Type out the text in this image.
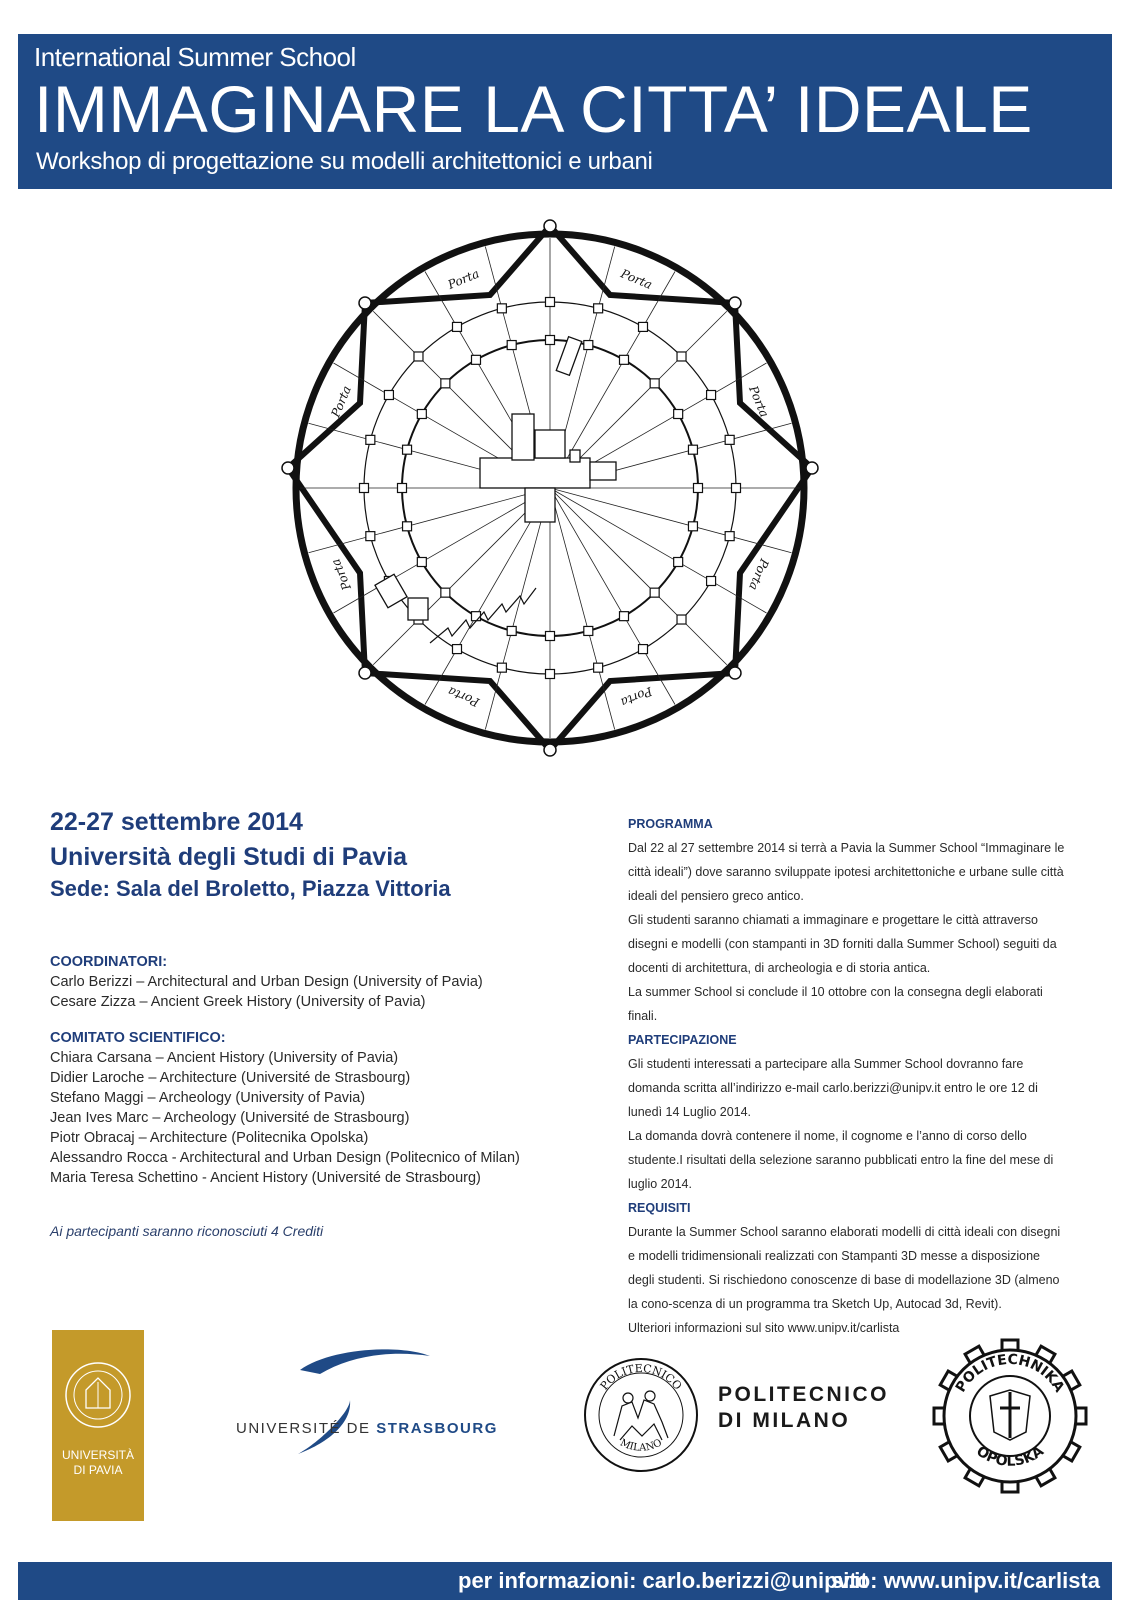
International Summer School
IMMAGINARE LA CITTA’ IDEALE
Workshop di progettazione su modelli architettonici e urbani
Porta
Porta
Porta
Porta
Porta
Porta
Porta
Porta
22-27 settembre 2014
Università degli Studi di Pavia
Sede: Sala del Broletto, Piazza Vittoria
COORDINATORI:
Carlo Berizzi – Architectural and Urban Design (University of Pavia)
Cesare Zizza – Ancient Greek History (University of Pavia)
COMITATO SCIENTIFICO:
Chiara Carsana – Ancient History (University of Pavia)
Didier Laroche – Architecture (Université de Strasbourg)
Stefano Maggi – Archeology (University of Pavia)
Jean Ives Marc – Archeology (Université de Strasbourg)
Piotr Obracaj – Architecture (Politecnika Opolska)
Alessandro Rocca - Architectural and Urban Design (Politecnico of Milan)
Maria Teresa Schettino - Ancient History (Université de Strasbourg)
Ai partecipanti saranno riconosciuti 4 Crediti
PROGRAMMA

Dal 22 al 27 settembre 2014 si terrà a Pavia la Summer School “Immaginare le città ideali”) dove saranno sviluppate ipotesi architettoniche e urbane sulle città ideali del pensiero greco antico.

Gli studenti saranno chiamati a immaginare e progettare le città attraverso disegni e modelli (con stampanti in 3D forniti dalla Summer School) seguiti da docenti di architettura, di archeologia e di storia antica.

La summer School si conclude il 10 ottobre con la consegna degli elaborati finali.

PARTECIPAZIONE

Gli studenti interessati a partecipare alla Summer School dovranno fare domanda scritta all’indirizzo e-mail carlo.berizzi@unipv.it entro le ore 12 di lunedì 14 Luglio 2014.

La domanda dovrà contenere il nome, il cognome e l’anno di corso dello studente.I risultati della selezione saranno pubblicati entro la fine del mese di luglio 2014.

REQUISITI

Durante la Summer School saranno elaborati modelli di città ideali con disegni e modelli tridimensionali realizzati con Stampanti 3D messe a disposizione degli studenti. Si rischiedono conoscenze di base di modellazione 3D (almeno la cono-scenza di un programma tra Sketch Up, Autocad 3d, Revit).

Ulteriori informazioni sul sito www.unipv.it/carlista

UNIVERSITÀ
DI PAVIA
UNIVERSITÉ DE STRASBOURG
POLITECNICO
MILANO
POLITECNICO
DI MILANO
POLITECHNIKA
OPOLSKA
per informazioni: carlo.berizzi@unipv.it
sito: www.unipv.it/carlista
